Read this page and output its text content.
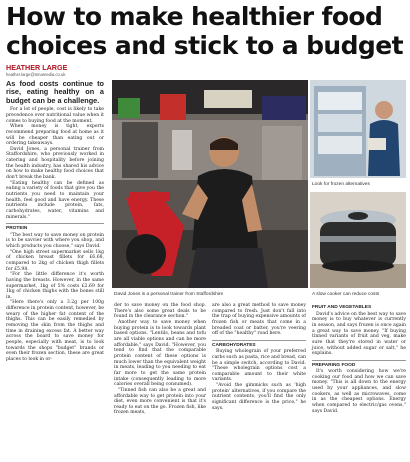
How to make healthier food choices and stick to a budget
HEATHER LARGE
heather.large@mnamedia.co.uk
As food costs continue to rise, eating healthy on a budget can be a challenge.

For a lot of people, cost is likely to take precedence over nutritional value when it comes to buying food at the moment.

When money is tight, experts recommend preparing food at home as it will be cheaper than eating out or ordering takeaways.

David Jones, a personal trainer from Staffordshire, who previously worked in catering and hospitality before joining the health industry, has shared his advice on how to make healthy food choices that don't break the bank.

"Eating healthy can be defined as eating a variety of foods that give you the nutrients you need to maintain your health, feel good and have energy. These nutrients include protein, fats, carbohydrates, water, vitamins and minerals."

PROTEIN

"The best way to save money on protein is to be savvier with where you shop, and which products you choose," says David.

"One high street supermarket sells 1kg of chicken breast fillets for £6.68, compared to 2kg of chicken thigh fillets for £5.98.

"For the little difference it's worth having the breasts. However, in the same supermarket, 1kg of 5% costs £2.69 for 1kg of chicken thighs with the bones still in.

"Here there's only a 3.2g per 100g difference in protein content, however, be weary of the higher fat content of the thighs. This can be easily remedied by removing the skin from the thighs and time in draining excess fat. A better way across the board to save money for people, especially with meat, is to look towards the shops "budget" brands or even their frozen section, these are great places to look in or-

David Jones is a personal trainer from Staffordshire
Look for frozen alternatives
A slow cooker can reduce costs

der to save money on the food shop. There's also some great deals to be found in the clearance section."

Another way to save money when buying protein is to look towards plant based options. "Lentils, beans and tofu are all viable options and can be more affordable," says David. "However, you tend to find that the comparable protein content of these options is much lower than the equivalent weight in meats, leading to you needing to eat far more to get the same protein intake (consequently leading to more calories overall being consumed).

"Tinned fish can also be a great and affordable way to get protein into your diet, even more convenient is that it's ready to eat on the go. Frozen fish, like frozen meats,

are also a great method to save money compared to fresh. Just don't fall into the trap of buying expensive amounts of frozen fish or meats that come in a breaded coat or batter, you're veering off of the "healthy" road here.

CARBOHYDRATES

Buying wholegrain of your preferred carbs such as pasta, rice and bread, can be a simple switch, according to David. "These wholegrain options cost a comparable amount to their white variants.

"Avoid the gimmicks such as 'high protein' alternatives, if you compare the nutrient contents, you'll find the only significant difference is the price," he says.

FRUIT AND VEGETABLES

David's advice on the best way to save money is to buy whatever is currently in season, and says frozen is once again a great way to save money. "If buying tinned variants of fruit and veg, make sure that they're stored in water or juice, without added sugar or salt," he explains.

PREPARING FOOD

It's worth considering how we're cooking our food and how we can save money. "This is all down to the energy used by your appliances, and slow cookers, as well as microwaves, come in as the cheapest options. Energy when compared to electric/gas ovens," says David.
